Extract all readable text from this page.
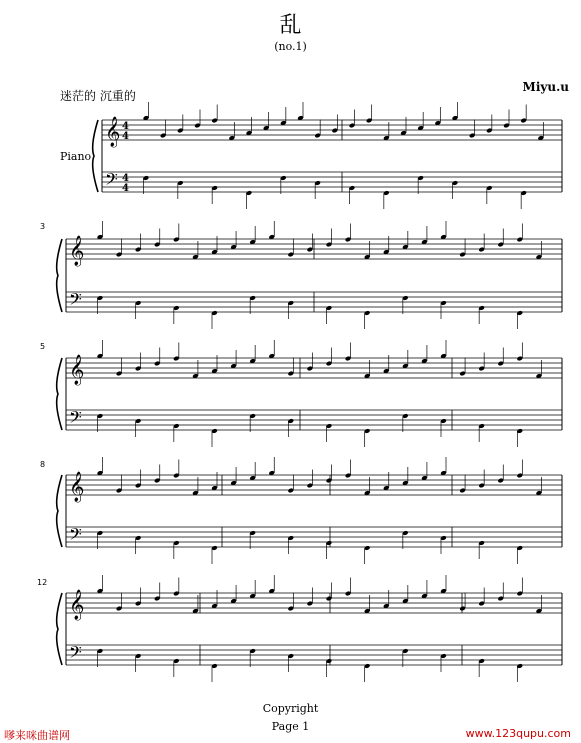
乱
(no.1)
Miyu.u
迷茫的 沉重的
Piano
𝄞
𝄢
4
4
4
4
𝄞
𝄢
𝄞
𝄢
𝄞
𝄢
𝄞
𝄢
3
5
8
12
Copyright
Page 1
嗲来咪曲谱网	www.123qupu.com
